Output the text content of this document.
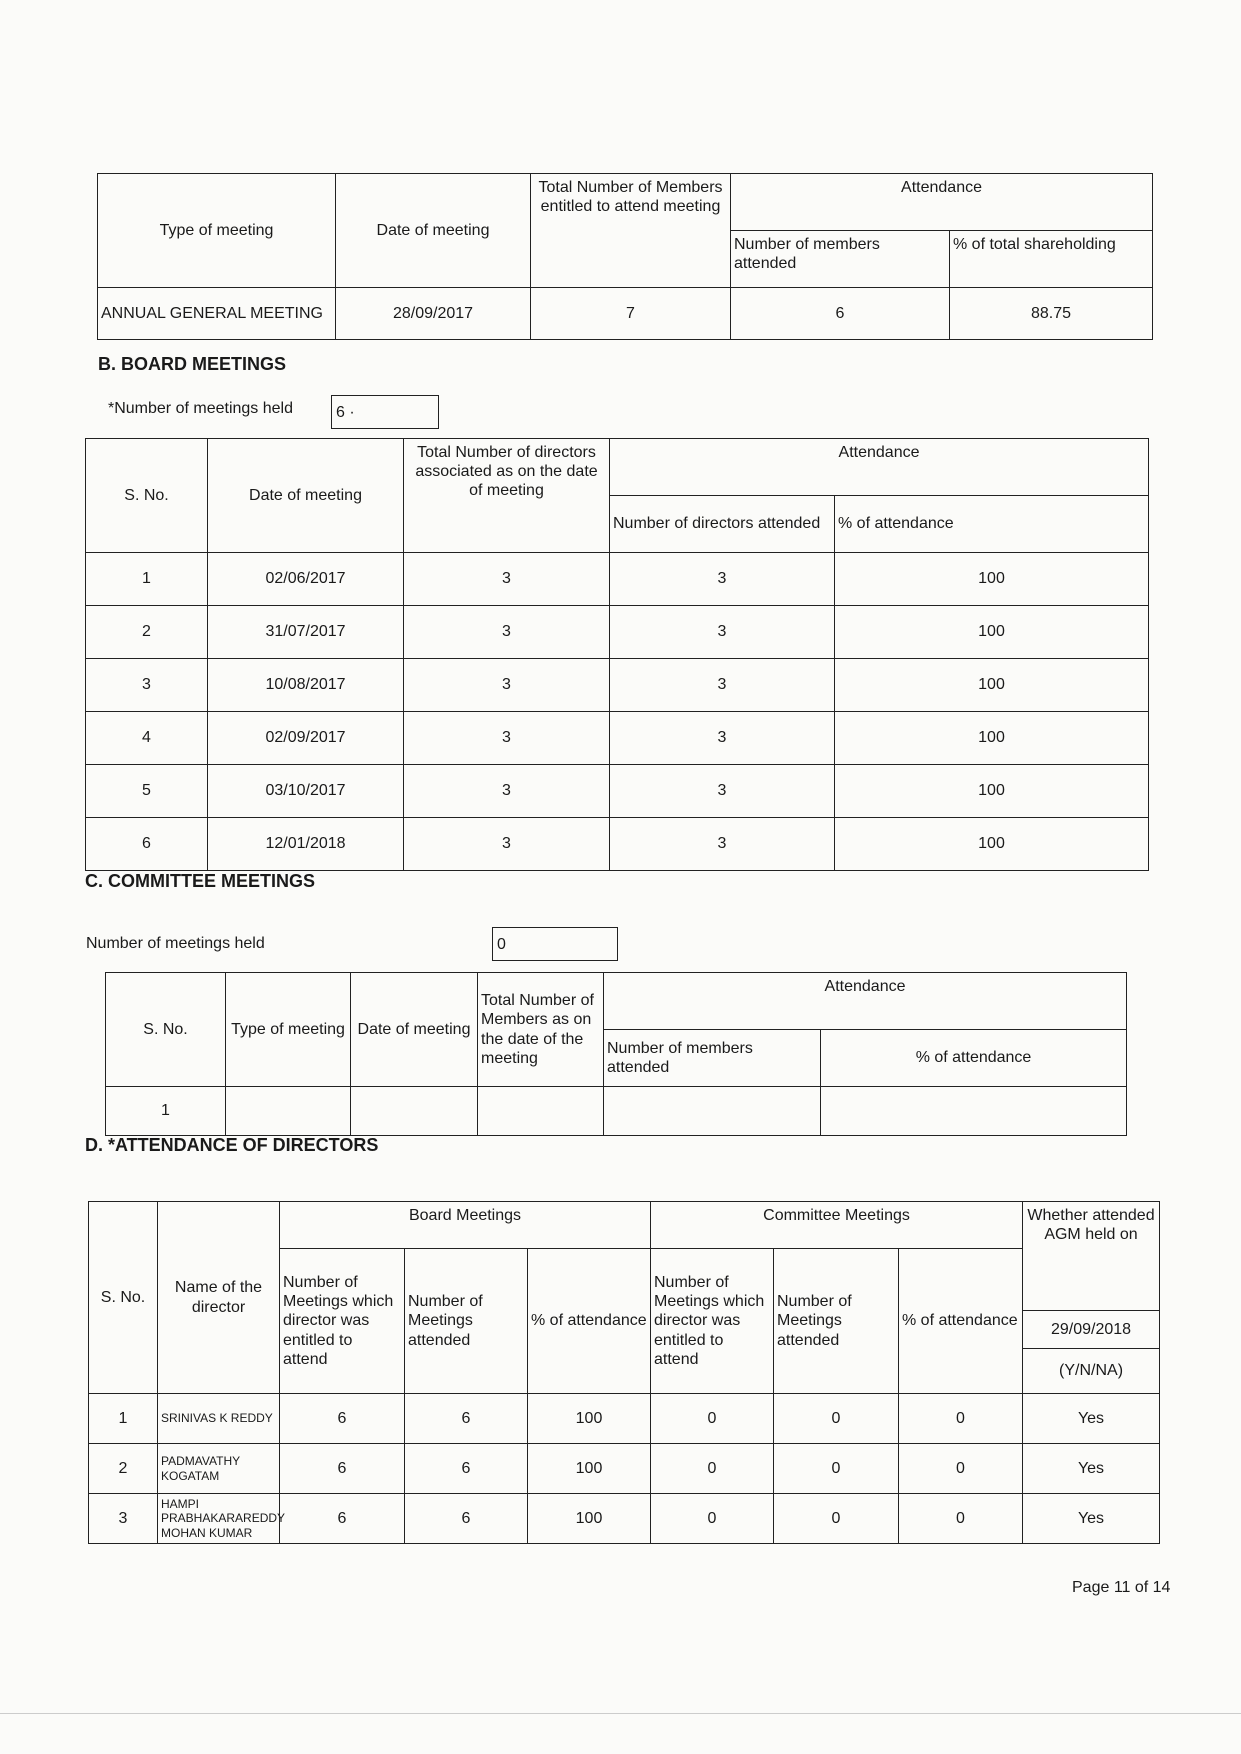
Type of meeting	Date of meeting	Total Number of Members entitled to attend meeting	Attendance	
			Number of members attended	% of total shareholding
ANNUAL GENERAL MEETING	28/09/2017	7	6	88.75
B. BOARD MEETINGS
*Number of meetings held	6 ·
S. No.	Date of meeting	Total Number of directors associated as on the date of meeting	Attendance	
			Number of directors attended	% of attendance
1	02/06/2017	3	3	100
2	31/07/2017	3	3	100
3	10/08/2017	3	3	100
4	02/09/2017	3	3	100
5	03/10/2017	3	3	100
6	12/01/2018	3	3	100
C. COMMITTEE MEETINGS
Number of meetings held	0
S. No.	Type of meeting	Date of meeting	Total Number of Members as on the date of the meeting	Attendance	
				Number of members attended	% of attendance
1					
D. *ATTENDANCE OF DIRECTORS
S. No.	Name of the director	Board Meetings			Committee Meetings			Whether attended AGM held on
		Number of Meetings which director was entitled to attend	Number of Meetings attended	% of attendance	Number of Meetings which director was entitled to attend	Number of Meetings attended	% of attendance	
								29/09/2018
								(Y/N/NA)
1	SRINIVAS K REDDY	6	6	100	0	0	0	Yes
2	PADMAVATHY KOGATAM	6	6	100	0	0	0	Yes
3	HAMPI PRABHAKARAREDDY MOHAN KUMAR	6	6	100	0	0	0	Yes
Page 11 of 14
